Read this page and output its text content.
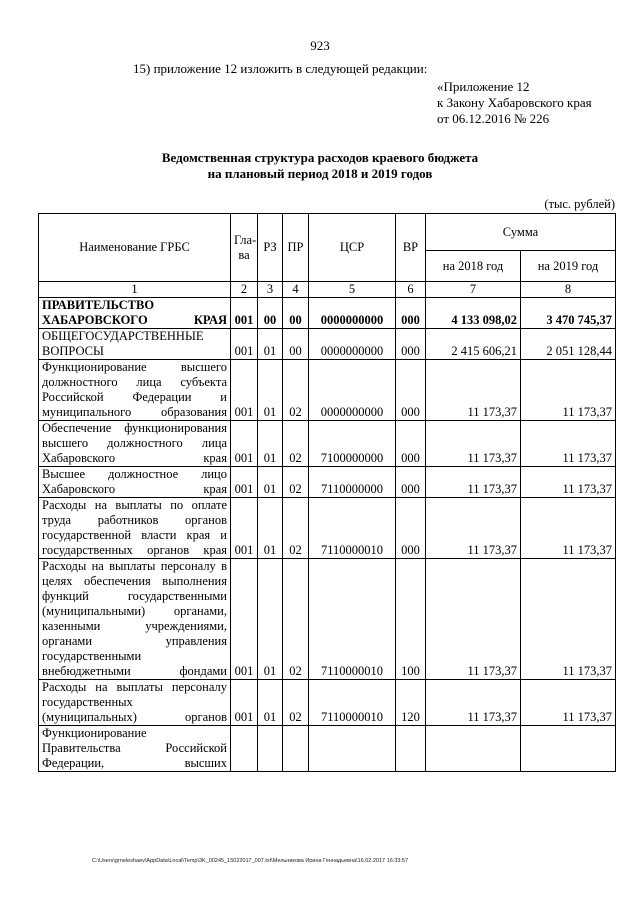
923
15) приложение 12 изложить в следующей редакции:
«Приложение 12
к Закону Хабаровского края
от 06.12.2016 № 226
Ведомственная структура расходов краевого бюджета
на плановый период 2018 и 2019 годов
(тыс. рублей)
Наименование ГРБС	Гла-ва	РЗ	ПР	ЦСР	ВР	Сумма	
						на 2018 год	на 2019 год
1	2	3	4	5	6	7	8
ПРАВИТЕЛЬСТВО ХАБАРОВСКОГО КРАЯ	001	00	00	0000000000	000	4 133 098,02	3 470 745,37
ОБЩЕГОСУДАРСТВЕННЫЕ ВОПРОСЫ	001	01	00	0000000000	000	2 415 606,21	2 051 128,44
Функционирование высшего должностного лица субъекта Российской Федерации и муниципального образования	001	01	02	0000000000	000	11 173,37	11 173,37
Обеспечение функционирования высшего должностного лица Хабаровского края	001	01	02	7100000000	000	11 173,37	11 173,37
Высшее должностное лицо Хабаровского края	001	01	02	7110000000	000	11 173,37	11 173,37
Расходы на выплаты по оплате труда работников органов государственной власти края и государственных органов края	001	01	02	7110000010	000	11 173,37	11 173,37
Расходы на выплаты персоналу в целях обеспечения выполнения функций государственными (муниципальными) органами, казенными учреждениями, органами управления государственными внебюджетными фондами	001	01	02	7110000010	100	11 173,37	11 173,37
Расходы на выплаты персоналу государственных (муниципальных) органов	001	01	02	7110000010	120	11 173,37	11 173,37
Функционирование Правительства Российской Федерации, высших							
C:\Users\grneleshaev\AppData\Local\Temp\3K_00245_15022017_007.txt\Мельникова Ирина Геннадьевна\16.02.2017 16:33:57
